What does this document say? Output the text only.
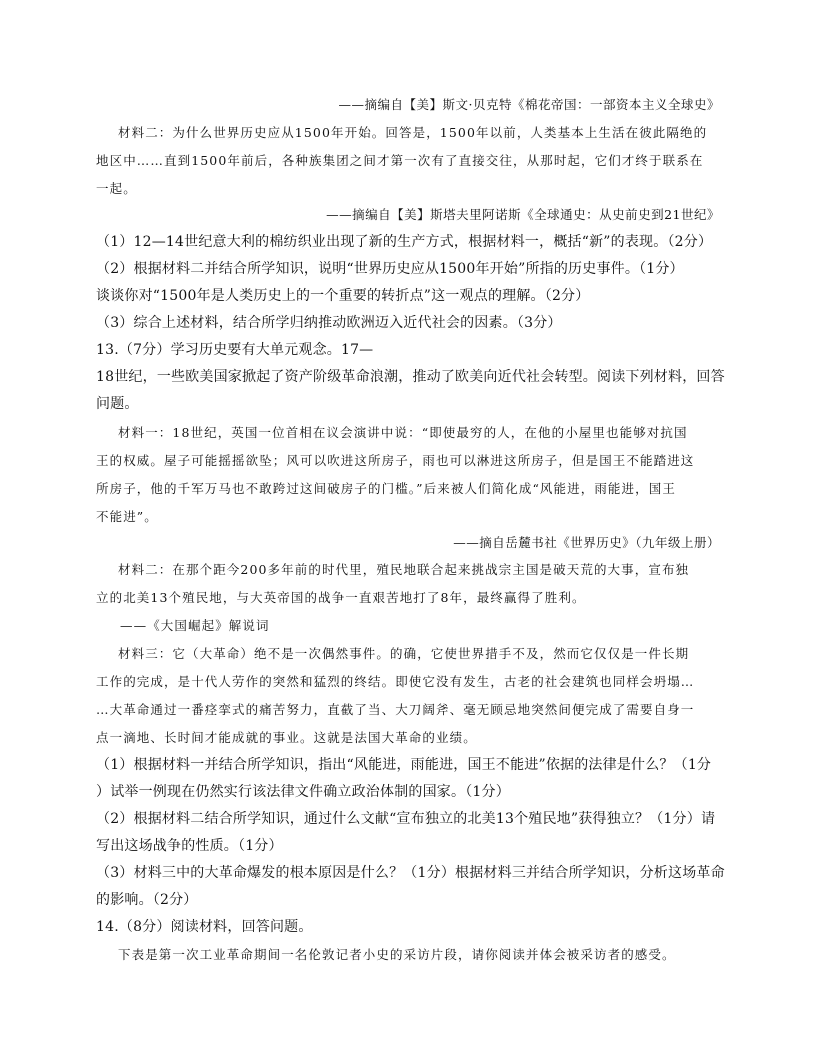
——摘编自【美】斯文·贝克特《棉花帝国：一部资本主义全球史》
材料二：为什么世界历史应从1500年开始。回答是，1500年以前，人类基本上生活在彼此隔绝的
地区中……直到1500年前后，各种族集团之间才第一次有了直接交往，从那时起，它们才终于联系在
一起。
——摘编自【美】斯塔夫里阿诺斯《全球通史：从史前史到21世纪》
（1）12—14世纪意大利的棉纺织业出现了新的生产方式，根据材料一，概括“新”的表现。（2分）
（2）根据材料二并结合所学知识，说明“世界历史应从1500年开始”所指的历史事件。（1分）
谈谈你对“1500年是人类历史上的一个重要的转折点”这一观点的理解。（2分）
（3）综合上述材料，结合所学归纳推动欧洲迈入近代社会的因素。（3分）
13.（7分）学习历史要有大单元观念。17—
18世纪，一些欧美国家掀起了资产阶级革命浪潮，推动了欧美向近代社会转型。阅读下列材料，回答
问题。
材料一：18世纪，英国一位首相在议会演讲中说：“即使最穷的人，在他的小屋里也能够对抗国
王的权威。屋子可能摇摇欲坠；风可以吹进这所房子，雨也可以淋进这所房子，但是国王不能踏进这
所房子，他的千军万马也不敢跨过这间破房子的门槛。”后来被人们简化成“风能进，雨能进，国王
不能进”。
——摘自岳麓书社《世界历史》（九年级上册）
材料二：在那个距今200多年前的时代里，殖民地联合起来挑战宗主国是破天荒的大事，宣布独
立的北美13个殖民地，与大英帝国的战争一直艰苦地打了8年，最终赢得了胜利。
——《大国崛起》解说词
材料三：它（大革命）绝不是一次偶然事件。的确，它使世界措手不及，然而它仅仅是一件长期
工作的完成，是十代人劳作的突然和猛烈的终结。即使它没有发生，古老的社会建筑也同样会坍塌…
…大革命通过一番痉挛式的痛苦努力，直截了当、大刀阔斧、毫无顾忌地突然间便完成了需要自身一
点一滴地、长时间才能成就的事业。这就是法国大革命的业绩。
（1）根据材料一并结合所学知识，指出“风能进，雨能进，国王不能进”依据的法律是什么？（1分
）试举一例现在仍然实行该法律文件确立政治体制的国家。（1分）
（2）根据材料二结合所学知识，通过什么文献“宣布独立的北美13个殖民地”获得独立？（1分）请
写出这场战争的性质。（1分）
（3）材料三中的大革命爆发的根本原因是什么？（1分）根据材料三并结合所学知识，分析这场革命
的影响。（2分）
14.（8分）阅读材料，回答问题。
下表是第一次工业革命期间一名伦敦记者小史的采访片段，请你阅读并体会被采访者的感受。
